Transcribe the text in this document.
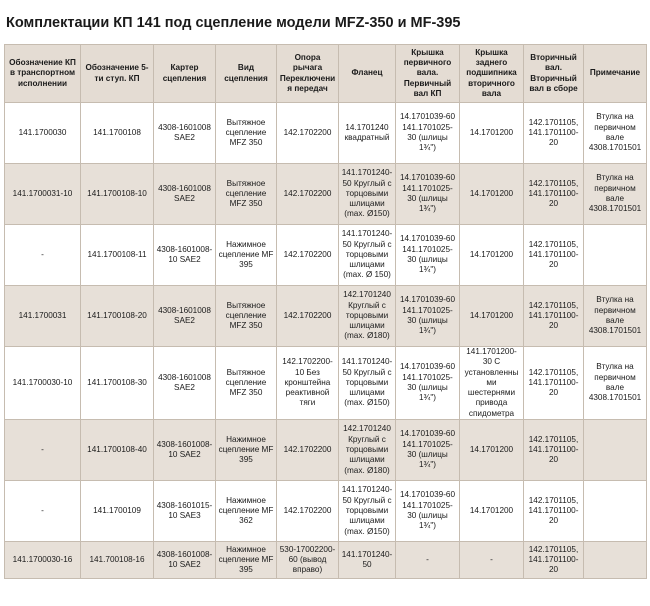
Комплектации КП 141 под сцепление модели MFZ-350 и MF-395
Обозначение КП в транспортном исполнении	Обозначение 5-ти ступ. КП	Картер сцепления	Вид сцепления	Опора рычага Переключения передач	Фланец	Крышка первичного вала. Первичный вал КП	Крышка заднего подшипника вторичного вала	Вторичный вал. Вторичный вал в сборе	Примечание
141.1700030	141.1700108	4308-1601008 SAE2	Вытяжное сцепление MFZ 350	142.1702200	14.1701240 квадратный	14.1701039-60 141.1701025-30 (шлицы 1¾")	14.1701200	142.1701105, 141.1701100-20	Втулка на первичном вале 4308.1701501
141.1700031-10	141.1700108-10	4308-1601008 SAE2	Вытяжное сцепление MFZ 350	142.1702200	141.1701240-50 Круглый с торцовыми шлицами (max. Ø150)	14.1701039-60 141.1701025-30 (шлицы 1¾")	14.1701200	142.1701105, 141.1701100-20	Втулка на первичном вале 4308.1701501
-	141.1700108-11	4308-1601008-10 SAE2	Нажимное сцепление MF 395	142.1702200	141.1701240-50 Круглый с торцовыми шлицами (max. Ø 150)	14.1701039-60 141.1701025-30 (шлицы 1¾")	14.1701200	142.1701105, 141.1701100-20	
141.1700031	141.1700108-20	4308-1601008 SAE2	Вытяжное сцепление MFZ 350	142.1702200	142.1701240 Круглый с торцовыми шлицами (max. Ø180)	14.1701039-60 141.1701025-30 (шлицы 1¾")	14.1701200	142.1701105, 141.1701100-20	Втулка на первичном вале 4308.1701501
141.1700030-10	141.1700108-30	4308-1601008 SAE2	Вытяжное сцепление MFZ 350	142.1702200-10 Без кронштейна реактивной тяги	141.1701240-50 Круглый с торцовыми шлицами (max. Ø150)	14.1701039-60 141.1701025-30 (шлицы 1¾")	141.1701200-30 С установленными шестернями привода спидометра	142.1701105, 141.1701100-20	Втулка на первичном вале 4308.1701501
-	141.1700108-40	4308-1601008-10 SAE2	Нажимное сцепление MF 395	142.1702200	142.1701240 Круглый с торцовыми шлицами (max. Ø180)	14.1701039-60 141.1701025-30 (шлицы 1¾")	14.1701200	142.1701105, 141.1701100-20	
-	141.1700109	4308-1601015-10 SAE3	Нажимное сцепление MF 362	142.1702200	141.1701240-50 Круглый с торцовыми шлицами (max. Ø150)	14.1701039-60 141.1701025-30 (шлицы 1¾")	14.1701200	142.1701105, 141.1701100-20	
141.1700030-16	141.700108-16	4308-1601008-10 SAE2	Нажимное сцепление MF 395	530-17002200-60 (вывод вправо)	141.1701240-50	-	-	142.1701105, 141.1701100-20	
